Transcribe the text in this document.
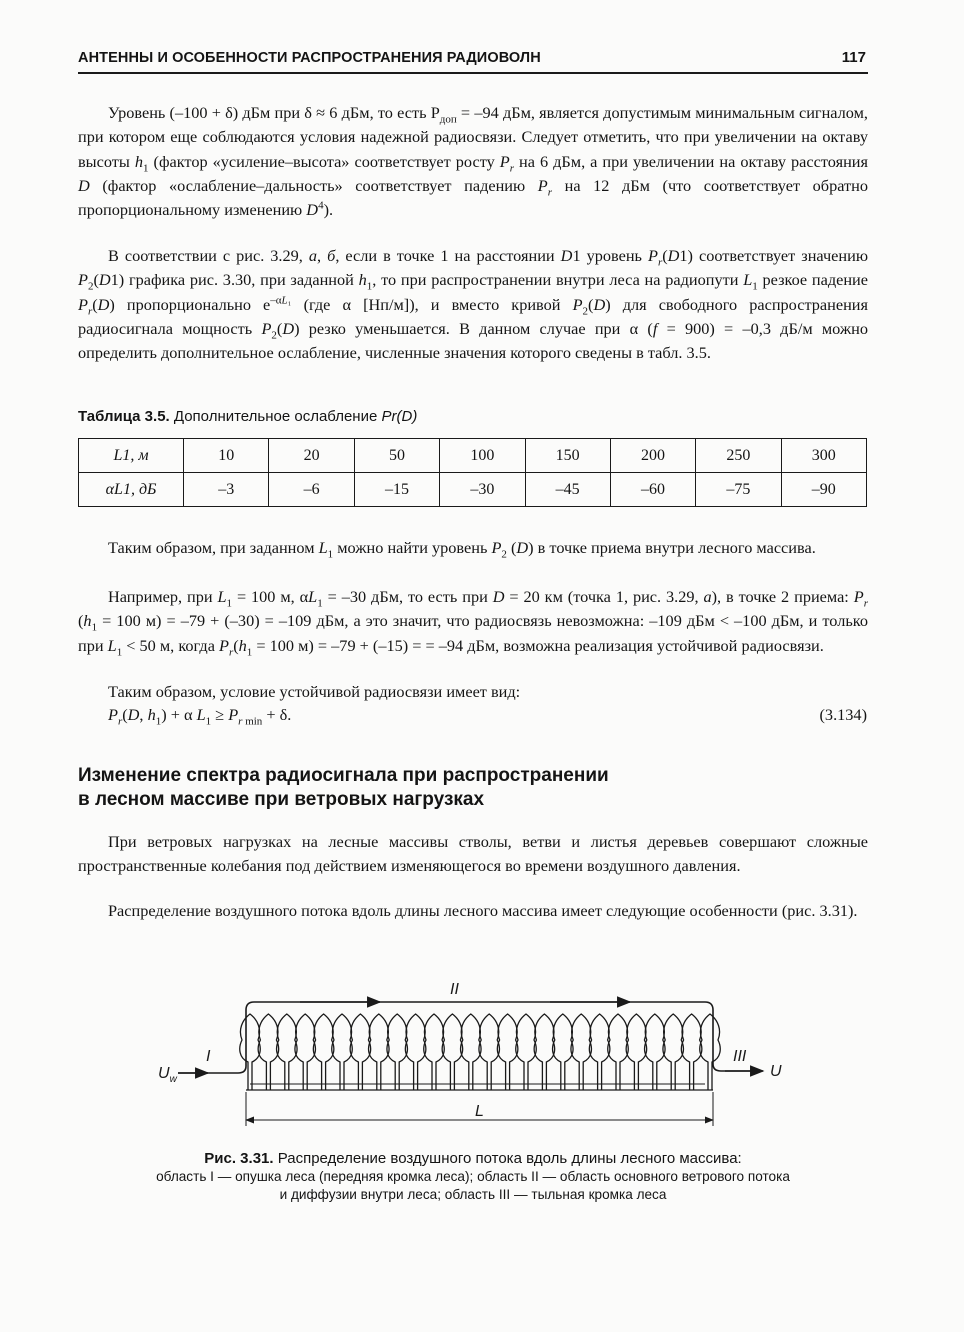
АНТЕННЫ И ОСОБЕННОСТИ РАСПРОСТРАНЕНИЯ РАДИОВОЛН	117

Уровень (–100 + δ) дБм при δ ≈ 6 дБм, то есть $P_{доп} = -94$ дБм, является допустимым минимальным сигналом, при котором еще соблюдаются условия надежной радиосвязи. Следует отметить, что при увеличении на октаву высоты $h_1$ (фактор «усиление–высота» соответствует росту $P_r$ на 6 дБм, а при увеличении на октаву расстояния D (фактор «ослабление–дальность» соответствует падению $P_r$ на 12 дБм (что соответствует обратно пропорциональному изменению $D^4$).

В соответствии с рис. 3.29, а, б, если в точке 1 на расстоянии D1 уровень $P_r(D1)$ соответствует значению $P_2(D1)$ графика рис. 3.30, при заданной $h_1$, то при распространении внутри леса на радиопути $L_1$ резкое падение $P_r(D)$ пропорционально $e^{-\alpha L_1}$ (где α [Нп/м]), и вместо кривой $P_2(D)$ для свободного распространения радиосигнала мощность $P_2(D)$ резко уменьшается. В данном случае при α (f = 900) = –0,3 дБ/м можно определить дополнительное ослабление, численные значения которого сведены в табл. 3.5.

Таблица 3.5. Дополнительное ослабление Pr(D)
L1, м	10	20	50	100	150	200	250	300
αL1, дБ	–3	–6	–15	–30	–45	–60	–75	–90

Таким образом, при заданном $L_1$ можно найти уровень $P_2$ (D) в точке приема внутри лесного массива.

Например, при $L_1 = 100$ м, $\alpha L_1 = -30$ дБм, то есть при D = 20 км (точка 1, рис. 3.29, а), в точке 2 приема: $P_r$ ($h_1 = 100$ м) = –79 + (–30) = –109 дБм, а это значит, что радиосвязь невозможна: –109 дБм < –100 дБм, и только при $L_1 < 50$ м, когда $P_r(h_1 = 100$ м) = –79 + (–15) = = –94 дБм, возможна реализация устойчивой радиосвязи.

Таким образом, условие устойчивой радиосвязи имеет вид:

$P_r(D$, $h_1) + \alpha$ $L_1 \ge P_{r min} + \delta$.	(3.134)
Изменение спектра радиосигнала при распространении
в лесном массиве при ветровых нагрузках

При ветровых нагрузках на лесные массивы стволы, ветви и листья деревьев совершают сложные пространственные колебания под действием изменяющегося во времени воздушного давления.

Распределение воздушного потока вдоль длины лесного массива имеет следующие особенности (рис. 3.31).

$U_w$
I
II
III
U
L
Рис. 3.31. Распределение воздушного потока вдоль длины лесного массива:
область I — опушка леса (передняя кромка леса); область II — область основного ветрового потока
и диффузии внутри леса; область III — тыльная кромка леса
